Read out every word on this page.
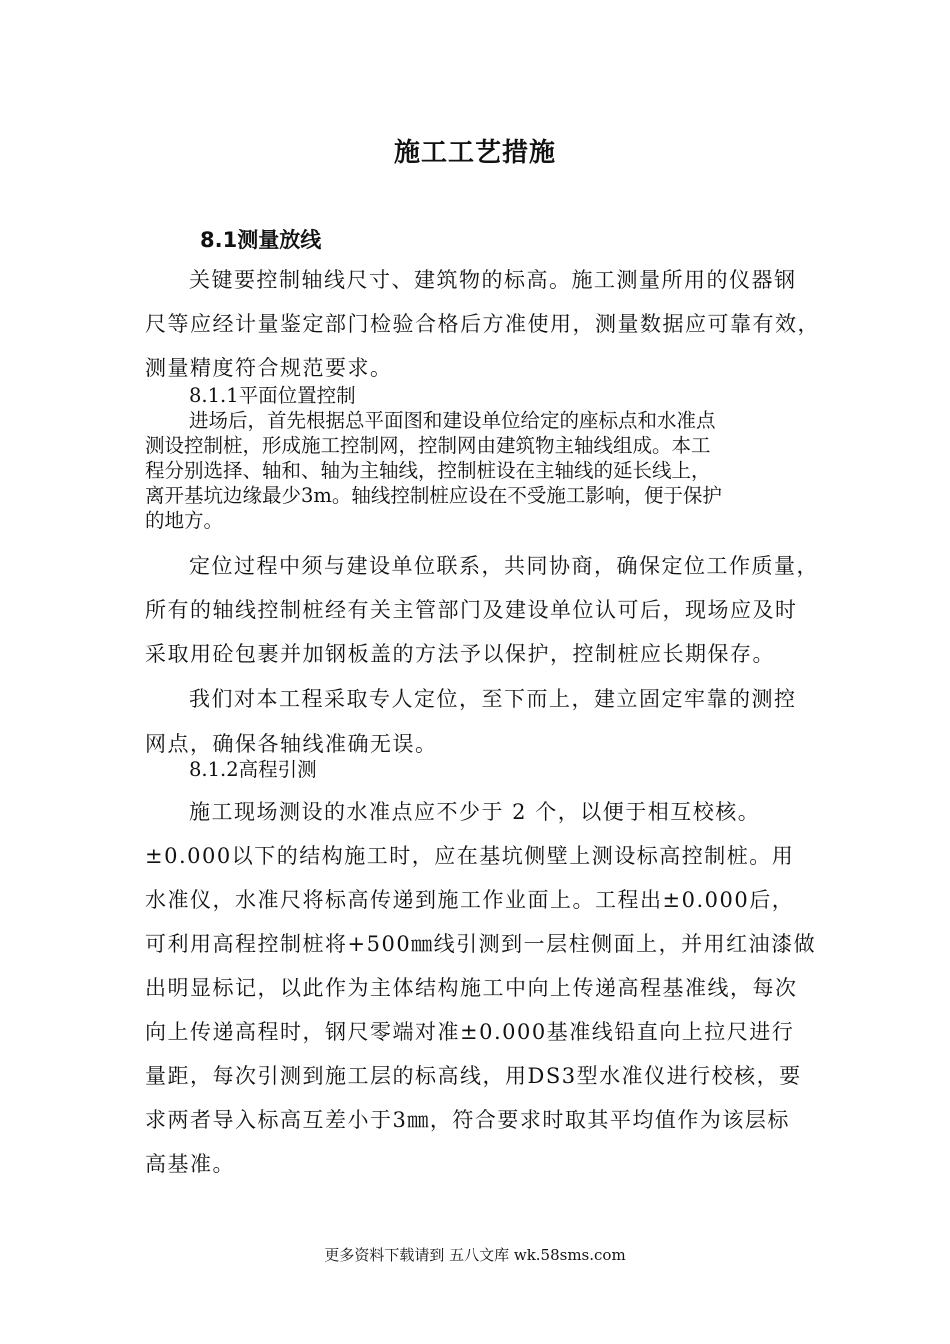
施工工艺措施
8.1测量放线
关键要控制轴线尺寸、建筑物的标高。施工测量所用的仪器钢
尺等应经计量鉴定部门检验合格后方准使用，测量数据应可靠有效，
测量精度符合规范要求。
8.1.1平面位置控制
进场后，首先根据总平面图和建设单位给定的座标点和水准点
测设控制桩，形成施工控制网，控制网由建筑物主轴线组成。本工
程分别选择、轴和、轴为主轴线，控制桩设在主轴线的延长线上，
离开基坑边缘最少3m。轴线控制桩应设在不受施工影响，便于保护
的地方。
定位过程中须与建设单位联系，共同协商，确保定位工作质量，
所有的轴线控制桩经有关主管部门及建设单位认可后，现场应及时
采取用砼包裹并加钢板盖的方法予以保护，控制桩应长期保存。
我们对本工程采取专人定位，至下而上，建立固定牢靠的测控
网点，确保各轴线准确无误。
8.1.2高程引测
施工现场测设的水准点应不少于 2 个，以便于相互校核。
±0.000以下的结构施工时，应在基坑侧壁上测设标高控制桩。用
水准仪，水准尺将标高传递到施工作业面上。工程出±0.000后，
可利用高程控制桩将+500㎜线引测到一层柱侧面上，并用红油漆做
出明显标记，以此作为主体结构施工中向上传递高程基准线，每次
向上传递高程时，钢尺零端对准±0.000基准线铅直向上拉尺进行
量距，每次引测到施工层的标高线，用DS3型水准仪进行校核，要
求两者导入标高互差小于3㎜，符合要求时取其平均值作为该层标
高基准。
更多资料下载请到 五八文库 wk.58sms.com
